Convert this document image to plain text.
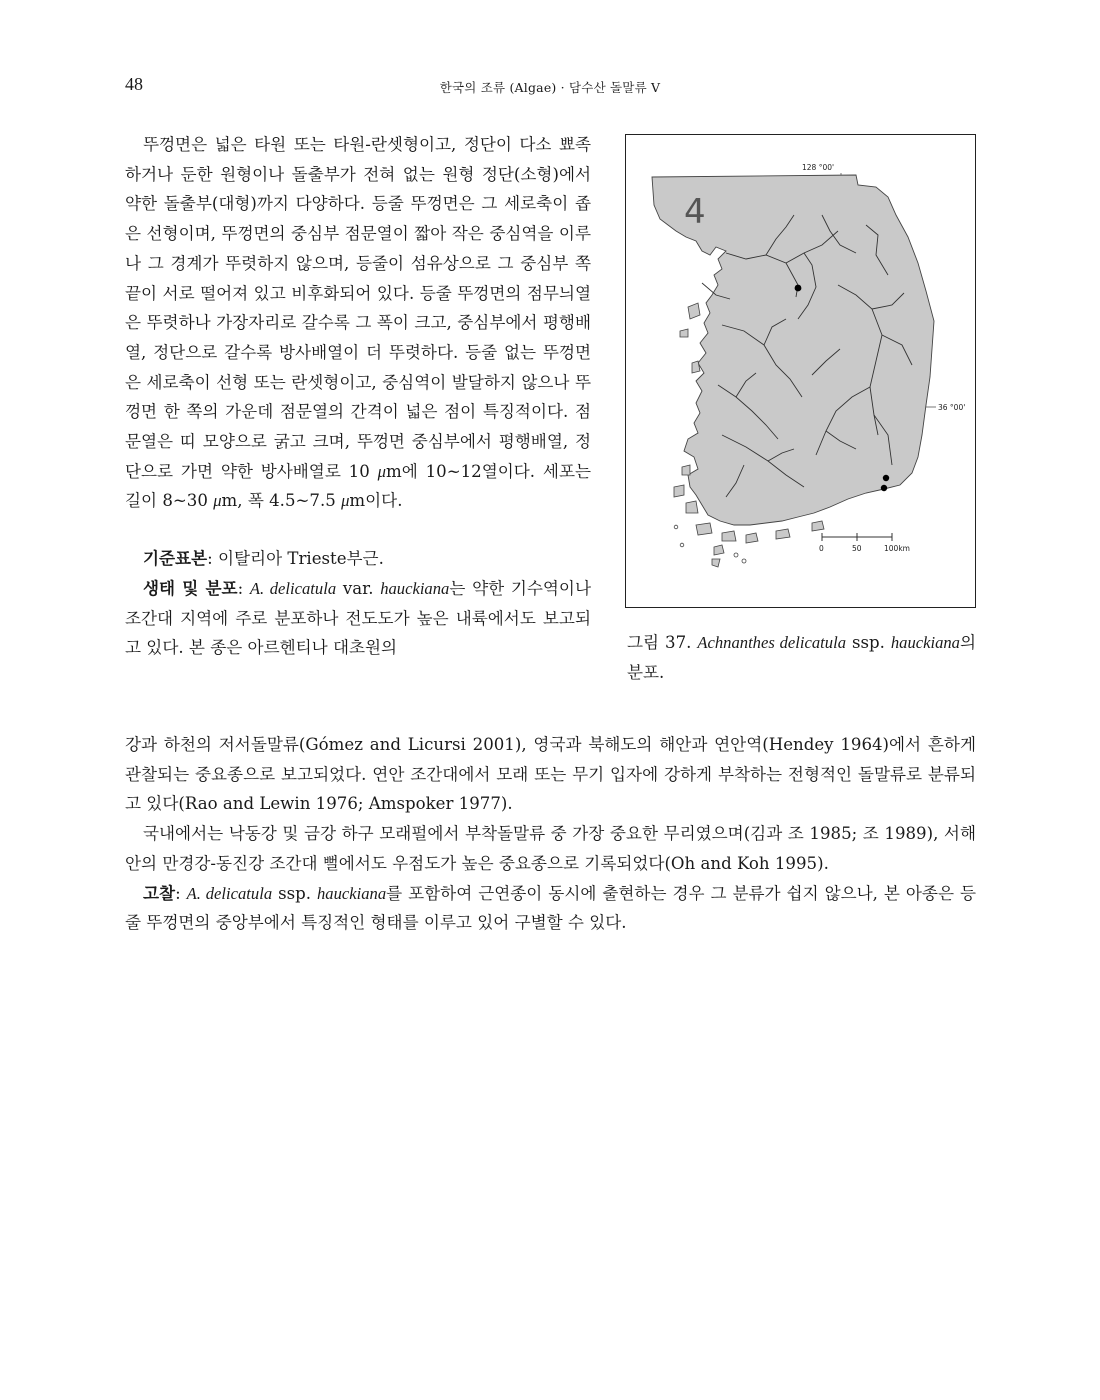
48	한국의 조류 (Algae) · 담수산 돌말류 V

뚜껑면은 넓은 타원 또는 타원-란셋형이고, 정단이 다소 뾰족하거나 둔한 원형이나 돌출부가 전혀 없는 원형 정단(소형)에서 약한 돌출부(대형)까지 다양하다. 등줄 뚜껑면은 그 세로축이 좁은 선형이며, 뚜껑면의 중심부 점문열이 짧아 작은 중심역을 이루나 그 경계가 뚜렷하지 않으며, 등줄이 섬유상으로 그 중심부 쪽 끝이 서로 떨어져 있고 비후화되어 있다. 등줄 뚜껑면의 점무늬열은 뚜렷하나 가장자리로 갈수록 그 폭이 크고, 중심부에서 평행배열, 정단으로 갈수록 방사배열이 더 뚜렷하다. 등줄 없는 뚜껑면은 세로축이 선형 또는 란셋형이고, 중심역이 발달하지 않으나 뚜껑면 한 쪽의 가운데 점문열의 간격이 넓은 점이 특징적이다. 점문열은 띠 모양으로 굵고 크며, 뚜껑면 중심부에서 평행배열, 정단으로 가면 약한 방사배열로 10 μm에 10~12열이다. 세포는 길이 8~30 μm, 폭 4.5~7.5 μm이다.

기준표본: 이탈리아 Trieste부근.

생태 및 분포: A. delicatula var. hauckiana는 약한 기수역이나 조간대 지역에 주로 분포하나 전도도가 높은 내륙에서도 보고되고 있다. 본 종은 아르헨티나 대초원의

128 °00'
4
36 °00'
0	50	100km
그림 37. Achnanthes delicatula ssp. hauckiana의 분포.

강과 하천의 저서돌말류(Gómez and Licursi 2001), 영국과 북해도의 해안과 연안역(Hendey 1964)에서 흔하게 관찰되는 중요종으로 보고되었다. 연안 조간대에서 모래 또는 무기 입자에 강하게 부착하는 전형적인 돌말류로 분류되고 있다(Rao and Lewin 1976; Amspoker 1977).

국내에서는 낙동강 및 금강 하구 모래펄에서 부착돌말류 중 가장 중요한 무리였으며(김과 조 1985; 조 1989), 서해안의 만경강-동진강 조간대 뻘에서도 우점도가 높은 중요종으로 기록되었다(Oh and Koh 1995).

고찰: A. delicatula ssp. hauckiana를 포함하여 근연종이 동시에 출현하는 경우 그 분류가 쉽지 않으나, 본 아종은 등줄 뚜껑면의 중앙부에서 특징적인 형태를 이루고 있어 구별할 수 있다.
